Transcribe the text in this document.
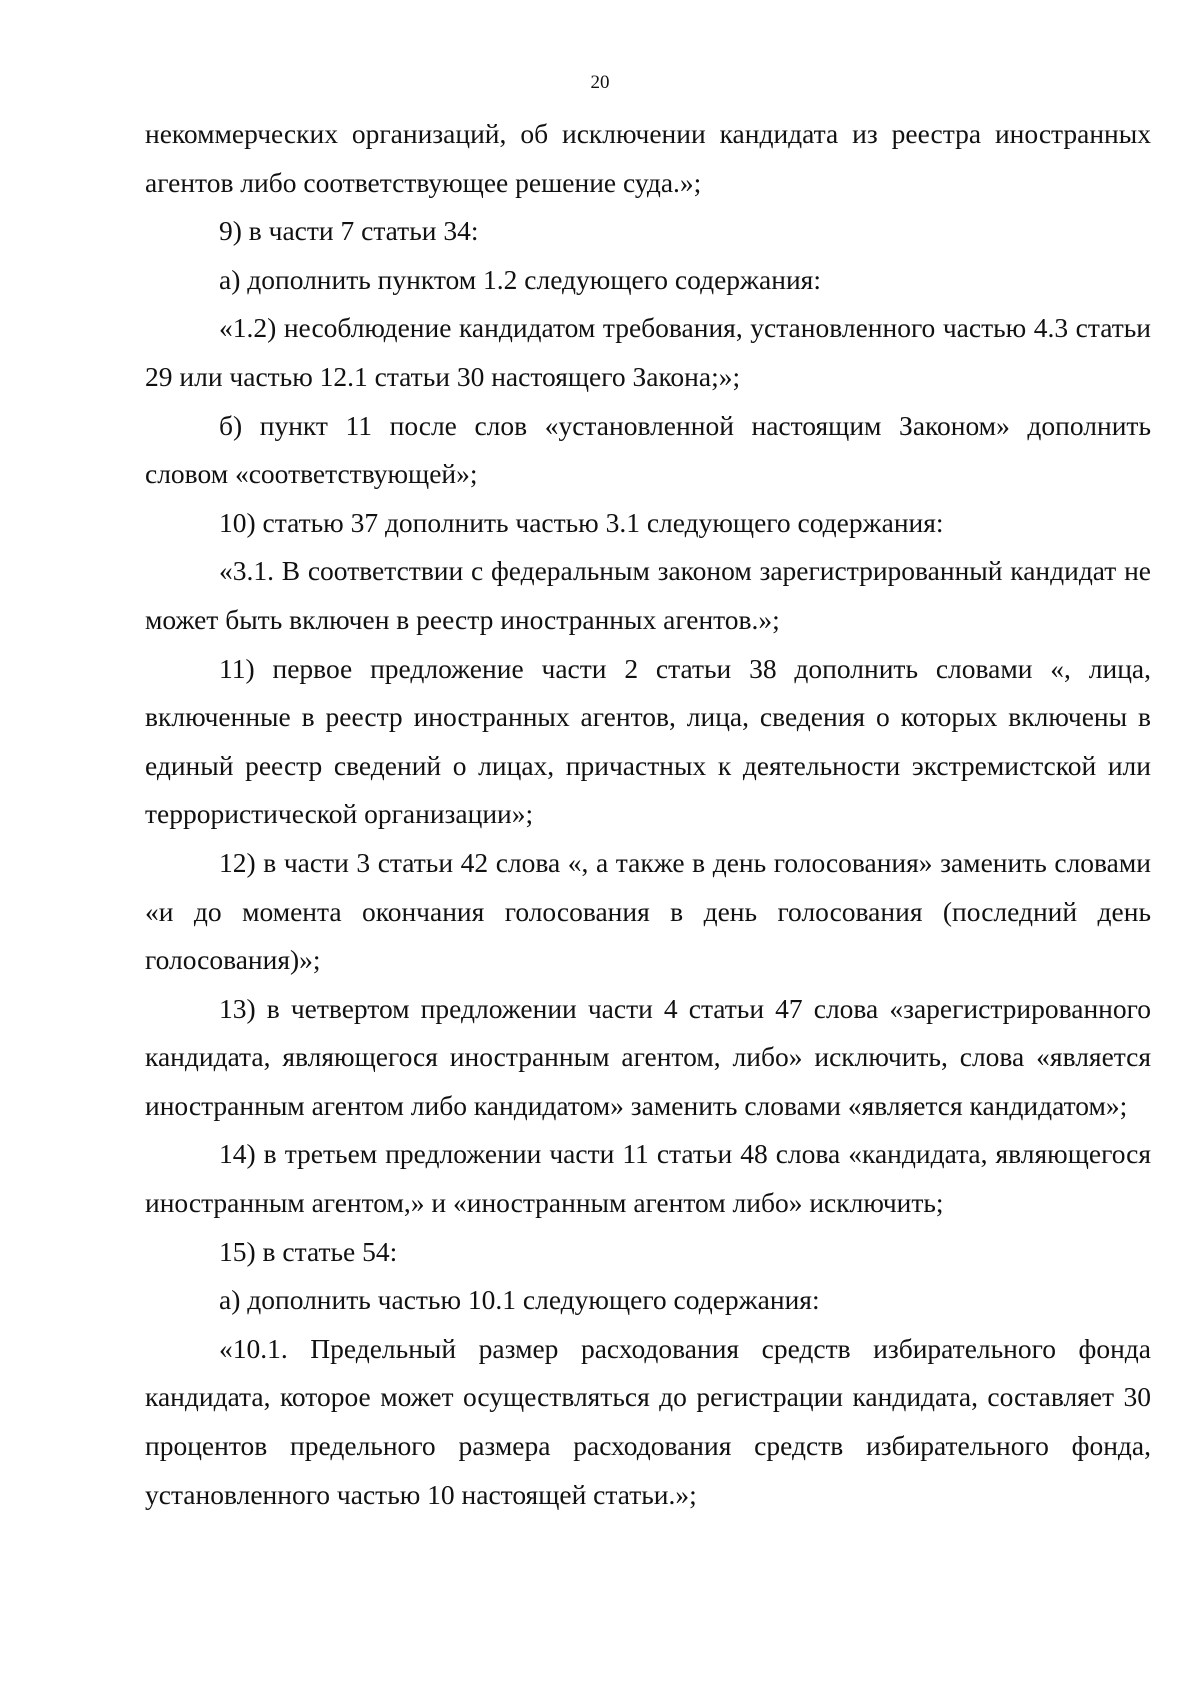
20

некоммерческих организаций, об исключении кандидата из реестра иностранных агентов либо соответствующее решение суда.»;

9) в части 7 статьи 34:

а) дополнить пунктом 1.2 следующего содержания:

«1.2) несоблюдение кандидатом требования, установленного частью 4.3 статьи 29 или частью 12.1 статьи 30 настоящего Закона;»;

б) пункт 11 после слов «установленной настоящим Законом» дополнить словом «соответствующей»;

10) статью 37 дополнить частью 3.1 следующего содержания:

«3.1. В соответствии с федеральным законом зарегистрированный кандидат не может быть включен в реестр иностранных агентов.»;

11) первое предложение части 2 статьи 38 дополнить словами «, лица, включенные в реестр иностранных агентов, лица, сведения о которых включены в единый реестр сведений о лицах, причастных к деятельности экстремистской или террористической организации»;

12) в части 3 статьи 42 слова «, а также в день голосования» заменить словами «и до момента окончания голосования в день голосования (последний день голосования)»;

13) в четвертом предложении части 4 статьи 47 слова «зарегистрированного кандидата, являющегося иностранным агентом, либо» исключить, слова «является иностранным агентом либо кандидатом» заменить словами «является кандидатом»;

14) в третьем предложении части 11 статьи 48 слова «кандидата, являющегося иностранным агентом,» и «иностранным агентом либо» исключить;

15) в статье 54:

а) дополнить частью 10.1 следующего содержания:

«10.1. Предельный размер расходования средств избирательного фонда кандидата, которое может осуществляться до регистрации кандидата, составляет 30 процентов предельного размера расходования средств избирательного фонда, установленного частью 10 настоящей статьи.»;
